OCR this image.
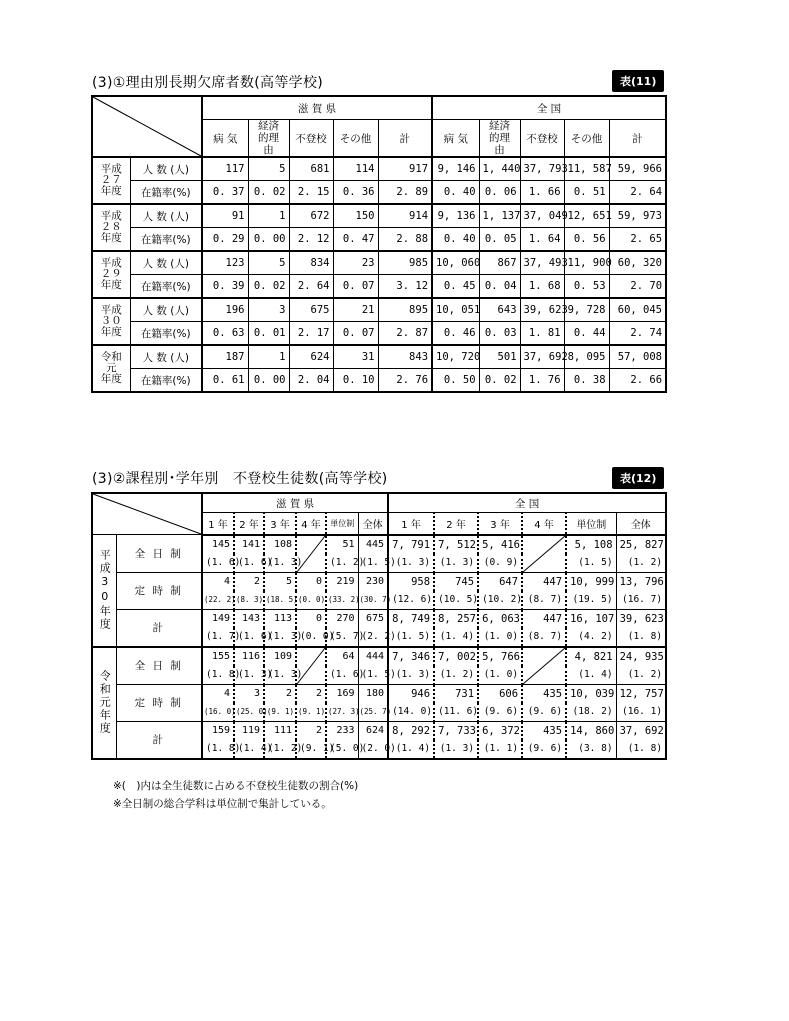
(3)①理由別長期欠席者数(高等学校)	表(11)
	滋 賀 県					全 国				
		病 気	経済的理由	不登校	その他	計	病 気	経済的理由	不登校	その他	計

平成
２７
年度	人 数 (人)	117	5	681	114	917	9, 146	1, 440	37, 793	11, 587	59, 966
	在籍率(%)	0. 37	0. 02	2. 15	0. 36	2. 89	0. 40	0. 06	1. 66	0. 51	2. 64

平成
２８
年度	人 数 (人)	91	1	672	150	914	9, 136	1, 137	37, 049	12, 651	59, 973
	在籍率(%)	0. 29	0. 00	2. 12	0. 47	2. 88	0. 40	0. 05	1. 64	0. 56	2. 65

平成
２９
年度	人 数 (人)	123	5	834	23	985	10, 060	867	37, 493	11, 900	60, 320
	在籍率(%)	0. 39	0. 02	2. 64	0. 07	3. 12	0. 45	0. 04	1. 68	0. 53	2. 70

平成
３０
年度	人 数 (人)	196	3	675	21	895	10, 051	643	39, 623	9, 728	60, 045
	在籍率(%)	0. 63	0. 01	2. 17	0. 07	2. 87	0. 46	0. 03	1. 81	0. 44	2. 74

令和
元
年度	人 数 (人)	187	1	624	31	843	10, 720	501	37, 692	8, 095	57, 008
	在籍率(%)	0. 61	0. 00	2. 04	0. 10	2. 76	0. 50	0. 02	1. 76	0. 38	2. 66
(3)②課程別･学年別　不登校生徒数(高等学校)	表(12)
	滋 賀 県						全 国					
		1 年	2 年	3 年	4 年	単位制	全体	1 年	2 年	3 年	4 年	単位制	全体
平成30年度	全 日 制	145	141	108		51	445	7, 791	7, 512	5, 416		5, 108	25, 827
		(1. 6)	(1. 6)	(1. 3)		(1. 2)	(1. 5)	(1. 3)	(1. 3)	(0. 9)		(1. 5)	(1. 2)
	定 時 制	4	2	5	0	219	230	958	745	647	447	10, 999	13, 796
		(22. 2)	(8. 3)	(18. 5)	(0. 0)	(33. 2)	(30. 7)	(12. 6)	(10. 5)	(10. 2)	(8. 7)	(19. 5)	(16. 7)
	計	149	143	113	0	270	675	8, 749	8, 257	6, 063	447	16, 107	39, 623
		(1. 7)	(1. 6)	(1. 3)	(0. 0)	(5. 7)	(2. 2)	(1. 5)	(1. 4)	(1. 0)	(8. 7)	(4. 2)	(1. 8)
令和元年度	全 日 制	155	116	109		64	444	7, 346	7, 002	5, 766		4, 821	24, 935
		(1. 8)	(1. 3)	(1. 3)		(1. 6)	(1. 5)	(1. 3)	(1. 2)	(1. 0)		(1. 4)	(1. 2)
	定 時 制	4	3	2	2	169	180	946	731	606	435	10, 039	12, 757
		(16. 0)	(25. 0)	(9. 1)	(9. 1)	(27. 3)	(25. 7)	(14. 0)	(11. 6)	(9. 6)	(9. 6)	(18. 2)	(16. 1)
	計	159	119	111	2	233	624	8, 292	7, 733	6, 372	435	14, 860	37, 692
		(1. 8)	(1. 4)	(1. 2)	(9. 1)	(5. 0)	(2. 0)	(1. 4)	(1. 3)	(1. 1)	(9. 6)	(3. 8)	(1. 8)
※(　)内は全生徒数に占める不登校生徒数の割合(%)
※全日制の総合学科は単位制で集計している。
